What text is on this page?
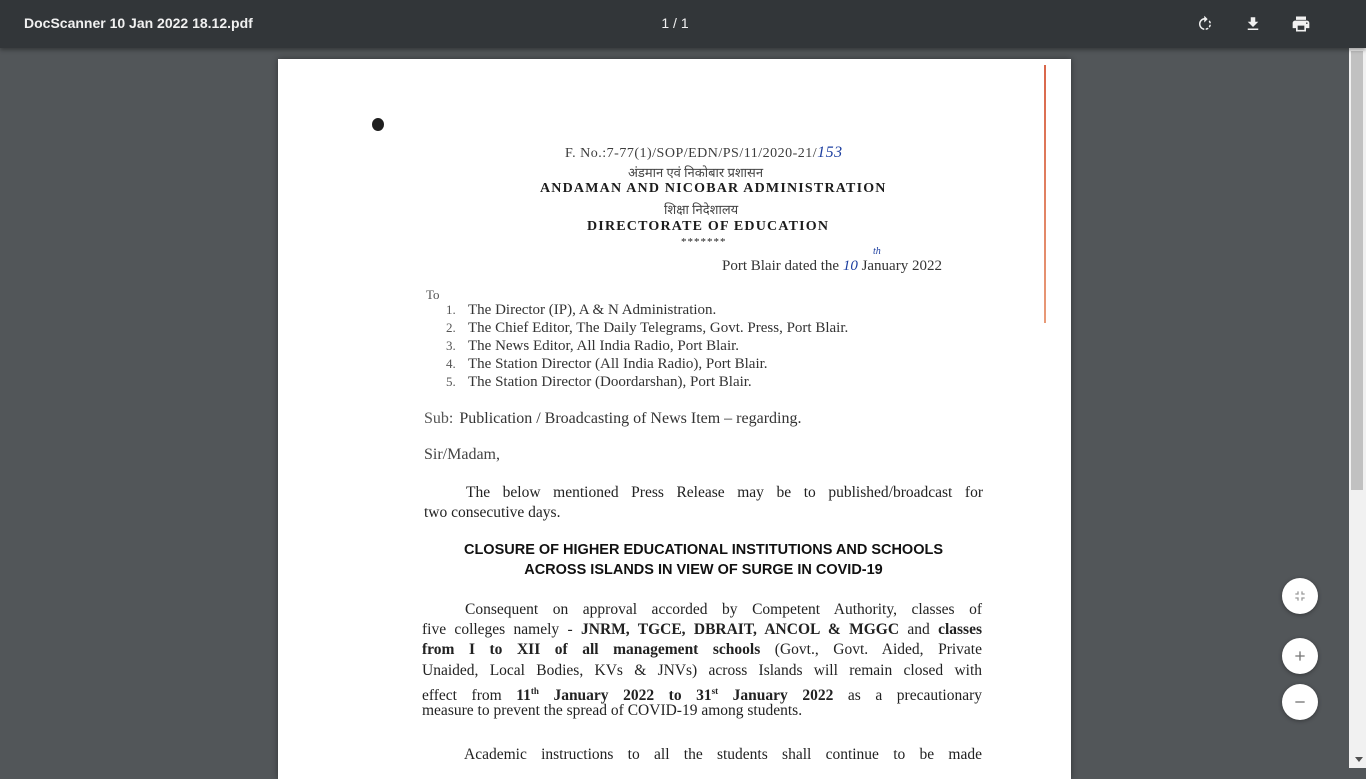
DocScanner 10 Jan 2022 18.12.pdf	1 / 1
F. No.:7-77(1)/SOP/EDN/PS/11/2020-21/153
अंडमान एवं निकोबार प्रशासन
ANDAMAN AND NICOBAR ADMINISTRATION
शिक्षा निदेशालय
DIRECTORATE OF EDUCATION
*******
th
Port Blair dated the 10 January 2022
To
1. The Director (IP), A & N Administration.
2. The Chief Editor, The Daily Telegrams, Govt. Press, Port Blair.
3. The News Editor, All India Radio, Port Blair.
4. The Station Director (All India Radio), Port Blair.
5. The Station Director (Doordarshan), Port Blair.
Sub: Publication / Broadcasting of News Item – regarding.
Sir/Madam,
The below mentioned Press Release may be to published/broadcast for
two consecutive days.
CLOSURE OF HIGHER EDUCATIONAL INSTITUTIONS AND SCHOOLS
ACROSS ISLANDS IN VIEW OF SURGE IN COVID-19
Consequent on approval accorded by Competent Authority, classes of
five colleges namely - JNRM, TGCE, DBRAIT, ANCOL & MGGC and classes
from I to XII of all management schools (Govt., Govt. Aided, Private
Unaided, Local Bodies, KVs & JNVs) across Islands will remain closed with
effect from 11th January 2022 to 31st January 2022 as a precautionary
measure to prevent the spread of COVID-19 among students.
Academic instructions to all the students shall continue to be made
